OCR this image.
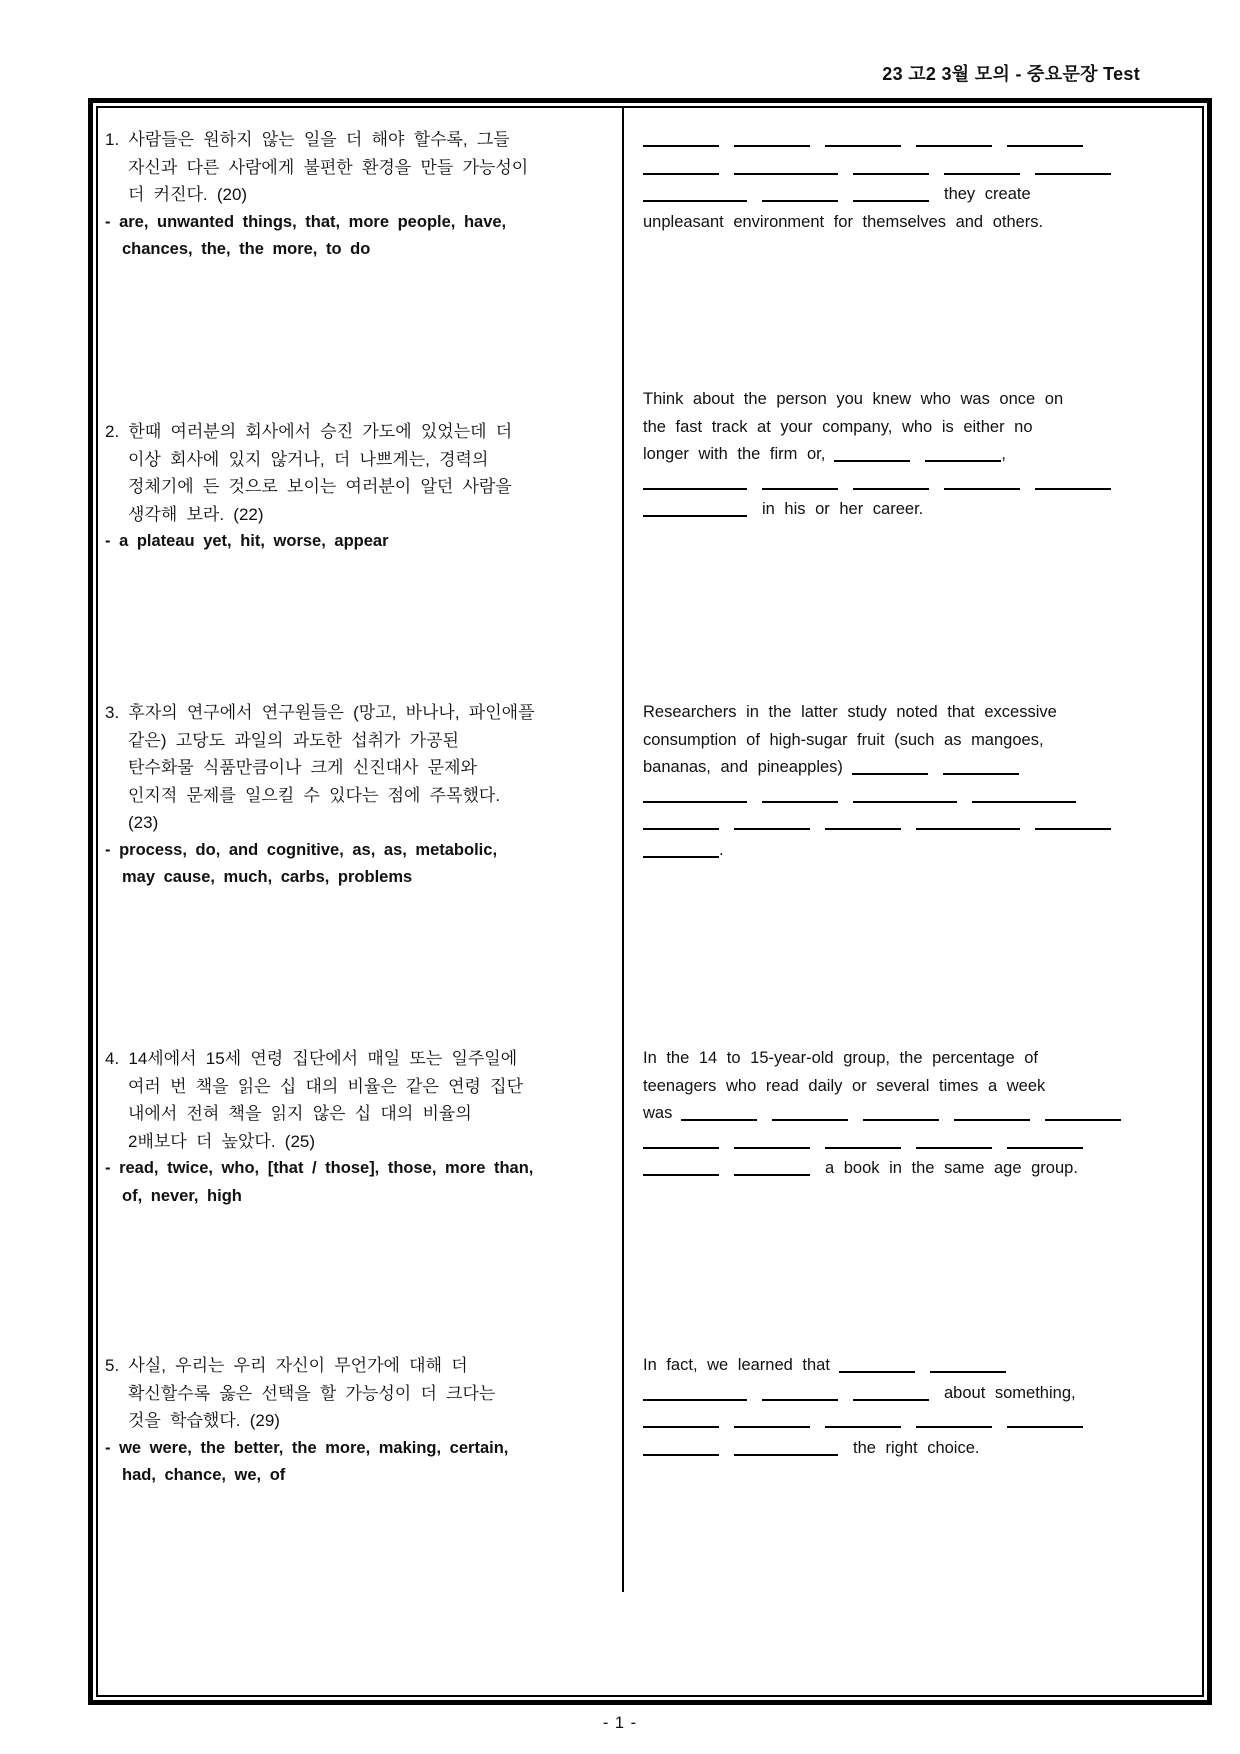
23 고2 3월 모의 - 중요문장 Test
1. 사람들은 원하지 않는 일을 더 해야 할수록, 그들
자신과 다른 사람에게 불편한 환경을 만들 가능성이
더 커진다. (20)
- are, unwanted things, that, more people, have,
chances, the, the more, to do
2. 한때 여러분의 회사에서 승진 가도에 있었는데 더
이상 회사에 있지 않거나, 더 나쁘게는, 경력의
정체기에 든 것으로 보이는 여러분이 알던 사람을
생각해 보라. (22)
- a plateau yet, hit, worse, appear
3. 후자의 연구에서 연구원들은 (망고, 바나나, 파인애플
같은) 고당도 과일의 과도한 섭취가 가공된
탄수화물 식품만큼이나 크게 신진대사 문제와
인지적 문제를 일으킬 수 있다는 점에 주목했다.
(23)
- process, do, and cognitive, as, as, metabolic,
may cause, much, carbs, problems
4. 14세에서 15세 연령 집단에서 매일 또는 일주일에
여러 번 책을 읽은 십 대의 비율은 같은 연령 집단
내에서 전혀 책을 읽지 않은 십 대의 비율의
2배보다 더 높았다. (25)
- read, twice, who, [that / those], those, more than,
of, never, high
5. 사실, 우리는 우리 자신이 무언가에 대해 더
확신할수록 옳은 선택을 할 가능성이 더 크다는
것을 학습했다. (29)
- we were, the better, the more, making, certain,
had, chance, we, of
they create
unpleasant environment for themselves and others.
Think about the person you knew who was once on
the fast track at your company, who is either no
longer with the firm or,	,
in his or her career.
Researchers in the latter study noted that excessive
consumption of high-sugar fruit (such as mangoes,
bananas, and pineapples)
.
In the 14 to 15-year-old group, the percentage of
teenagers who read daily or several times a week
was
a book in the same age group.
In fact, we learned that
about something,
the right choice.
- 1 -
